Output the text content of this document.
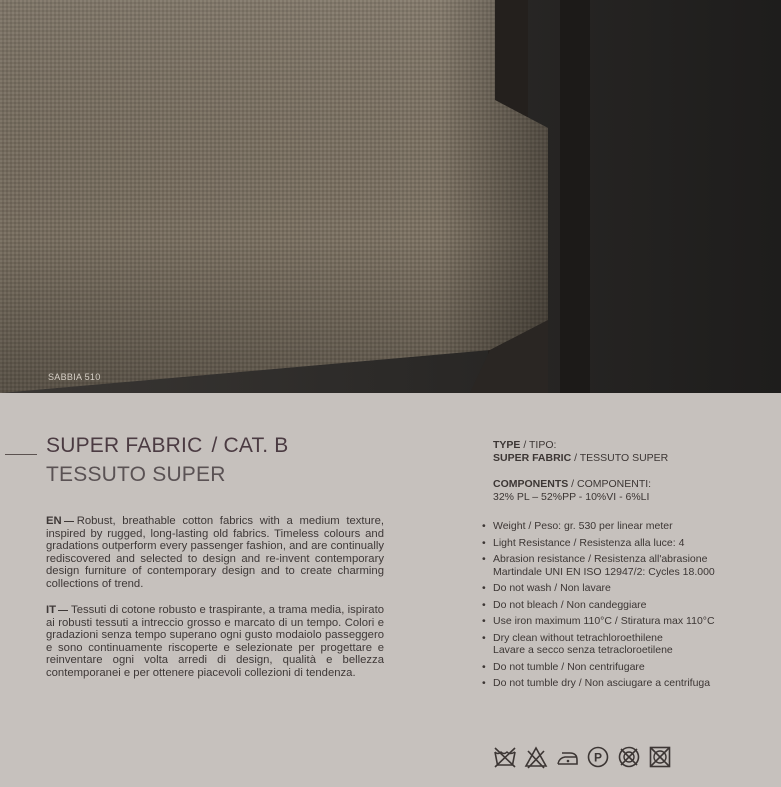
SABBIA 510
SUPER FABRIC / CAT. B
TESSUTO SUPER
EN Robust, breathable cotton fabrics with a medium texture, inspired by rugged, long-lasting old fabrics. Timeless colours and gradations outperform every passenger fashion, and are continually rediscovered and selected to design and re-invent contemporary design furniture of contemporary design and to create charming collections of trend.
IT Tessuti di cotone robusto e traspirante, a trama media, ispirato ai robusti tessuti a intreccio grosso e marcato di un tempo. Colori e gradazioni senza tempo superano ogni gusto modaiolo passeggero e sono continuamente riscoperte e selezionate per progettare e reinventare ogni volta arredi di design, qualità e bellezza contemporanei e per ottenere piacevoli collezioni di tendenza.
TYPE / TIPO:
SUPER FABRIC / TESSUTO SUPER
COMPONENTS / COMPONENTI:
32% PL – 52%PP - 10%VI - 6%LI
• Weight / Peso: gr. 530 per linear meter
• Light Resistance / Resistenza alla luce: 4
• Abrasion resistance / Resistenza all'abrasione
Martindale UNI EN ISO 12947/2: Cycles 18.000
• Do not wash / Non lavare
• Do not bleach / Non candeggiare
• Use iron maximum 110°C / Stiratura max 110°C
• Dry clean without tetrachloroethilene
Lavare a secco senza tetracloroetilene
• Do not tumble / Non centrifugare
• Do not tumble dry / Non asciugare a centrifuga
P
